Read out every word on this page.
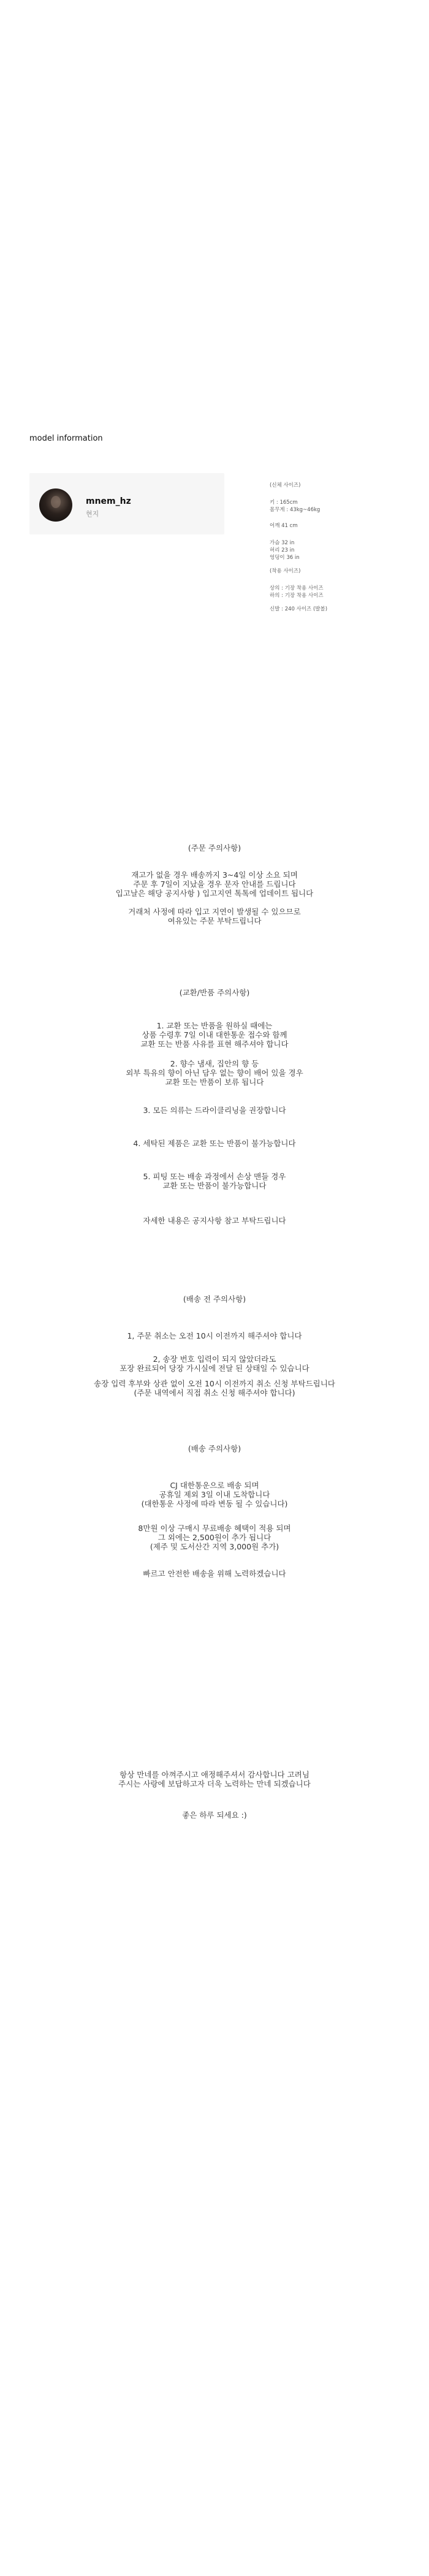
model information
mnem_hz
현지
(신체 사이즈)
키 : 165cm
몸무게 : 43kg~46kg
어깨 41 cm
가슴 32 in
허리 23 in
엉덩이 36 in
(착용 사이즈)
상의 : 기장 착용 사이즈
하의 : 기장 착용 사이즈
신발 : 240 사이즈 (발볼)
(주문 주의사항)
재고가 없을 경우 배송까지 3~4일 이상 소요 되며
주문 후 7일이 지났을 경우 문자 안내를 드립니다
입고날은 해당 공지사항 ) 입고지연 톡톡에 업데이트 됩니다
거래처 사정에 따라 입고 지연이 발생될 수 있으므로
여유있는 주문 부탁드립니다
(교환/반품 주의사항)
1. 교환 또는 반품을 원하실 때에는
상품 수령후 7일 이내 대한통운 접수와 함께
교환 또는 반품 사유를 표현 해주셔야 합니다
2. 향수 냄새, 집안의 향 등
외부 특유의 향이 아닌 담우 없는 향이 배어 있을 경우
교환 또는 반품이 보류 됩니다
3. 모든 의류는 드라이클리닝을 권장합니다
4. 세탁된 제품은 교환 또는 반품이 불가능합니다
5. 피팅 또는 배송 과정에서 손상 맨들 경우
교환 또는 반품이 불가능합니다
자세한 내용은 공지사항 참고 부탁드립니다
(배송 전 주의사항)
1, 주문 취소는 오전 10시 이전까지 해주셔야 합니다
2, 송장 번호 입력이 되지 않았더라도
포장 완료되어 당장 가시실에 전달 된 상태일 수 있습니다
송장 입력 후부와 상관 없이 오전 10시 이전까지 취소 신청 부탁드립니다
(주문 내역에서 직접 취소 신청 해주셔야 합니다)
(배송 주의사항)
CJ 대한통운으로 배송 되며
공휴일 제외 3일 이내 도착합니다
(대한통운 사정에 따라 변동 될 수 있습니다)
8만원 이상 구매시 무료배송 혜택이 적용 되며
그 외에는 2,500원이 추가 됩니다
(제주 및 도서산간 지역 3,000원 추가)
빠르고 안전한 배송을 위해 노력하겠습니다
항상 만네를 아껴주시고 애정해주셔서 감사합니다 고려님
주시는 사랑에 보답하고자 더욱 노력하는 만네 되겠습니다
좋은 하루 되세요 :)
